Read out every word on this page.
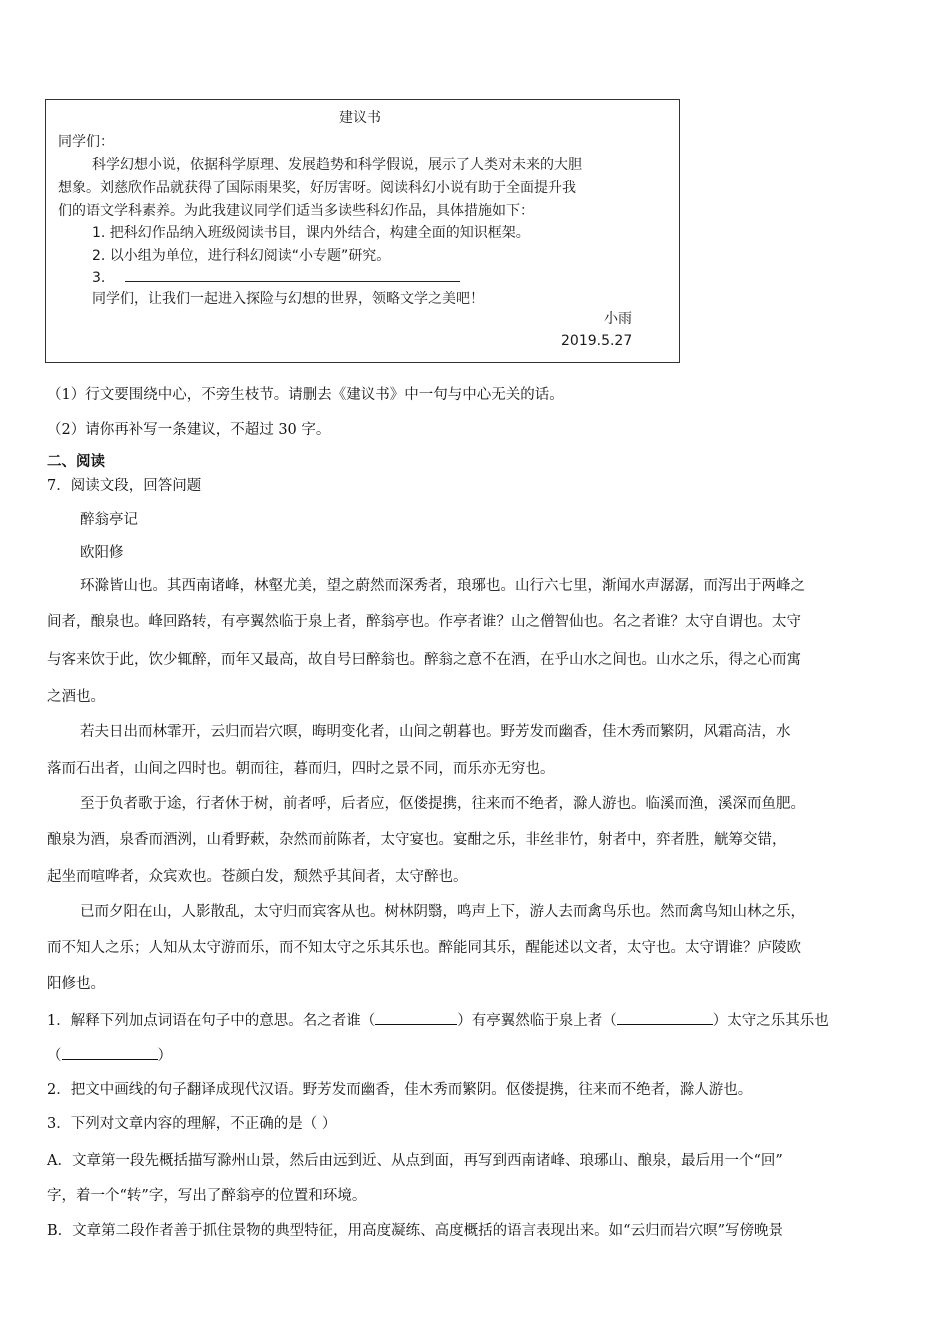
建议书
同学们：
科学幻想小说，依据科学原理、发展趋势和科学假说，展示了人类对未来的大胆
想象。刘慈欣作品就获得了国际雨果奖，好厉害呀。阅读科幻小说有助于全面提升我
们的语文学科素养。为此我建议同学们适当多读些科幻作品，具体措施如下：
1. 把科幻作品纳入班级阅读书目，课内外结合，构建全面的知识框架。
2. 以小组为单位，进行科幻阅读“小专题”研究。
3.
同学们，让我们一起进入探险与幻想的世界，领略文学之美吧！
小雨
2019.5.27
（1）行文要围绕中心，不旁生枝节。请删去《建议书》中一句与中心无关的话。
（2）请你再补写一条建议，不超过 30 字。
二、阅读
7．阅读文段，回答问题
醉翁亭记
欧阳修
环滁皆山也。其西南诸峰，林壑尤美，望之蔚然而深秀者，琅琊也。山行六七里，渐闻水声潺潺，而泻出于两峰之
间者，酿泉也。峰回路转，有亭翼然临于泉上者，醉翁亭也。作亭者谁？山之僧智仙也。名之者谁？太守自谓也。太守
与客来饮于此，饮少辄醉，而年又最高，故自号曰醉翁也。醉翁之意不在酒，在乎山水之间也。山水之乐，得之心而寓
之酒也。
若夫日出而林霏开，云归而岩穴暝，晦明变化者，山间之朝暮也。野芳发而幽香，佳木秀而繁阴，风霜高洁，水
落而石出者，山间之四时也。朝而往，暮而归，四时之景不同，而乐亦无穷也。
至于负者歌于途，行者休于树，前者呼，后者应，伛偻提携，往来而不绝者，滁人游也。临溪而渔，溪深而鱼肥。
酿泉为酒，泉香而酒洌，山肴野蔌，杂然而前陈者，太守宴也。宴酣之乐，非丝非竹，射者中，弈者胜，觥筹交错，
起坐而喧哗者，众宾欢也。苍颜白发，颓然乎其间者，太守醉也。
已而夕阳在山，人影散乱，太守归而宾客从也。树林阴翳，鸣声上下，游人去而禽鸟乐也。然而禽鸟知山林之乐，
而不知人之乐；人知从太守游而乐，而不知太守之乐其乐也。醉能同其乐，醒能述以文者，太守也。太守谓谁？庐陵欧
阳修也。
1．解释下列加点词语在句子中的意思。名之者谁（	）有亭翼然临于泉上者（	）太守之乐其乐也
（	）
2．把文中画线的句子翻译成现代汉语。野芳发而幽香，佳木秀而繁阴。伛偻提携，往来而不绝者，滁人游也。
3．下列对文章内容的理解，不正确的是（ ）
A．文章第一段先概括描写滁州山景，然后由远到近、从点到面，再写到西南诸峰、琅琊山、酿泉，最后用一个“回”
字，着一个“转”字，写出了醉翁亭的位置和环境。
B．文章第二段作者善于抓住景物的典型特征，用高度凝练、高度概括的语言表现出来。如“云归而岩穴暝”写傍晚景
